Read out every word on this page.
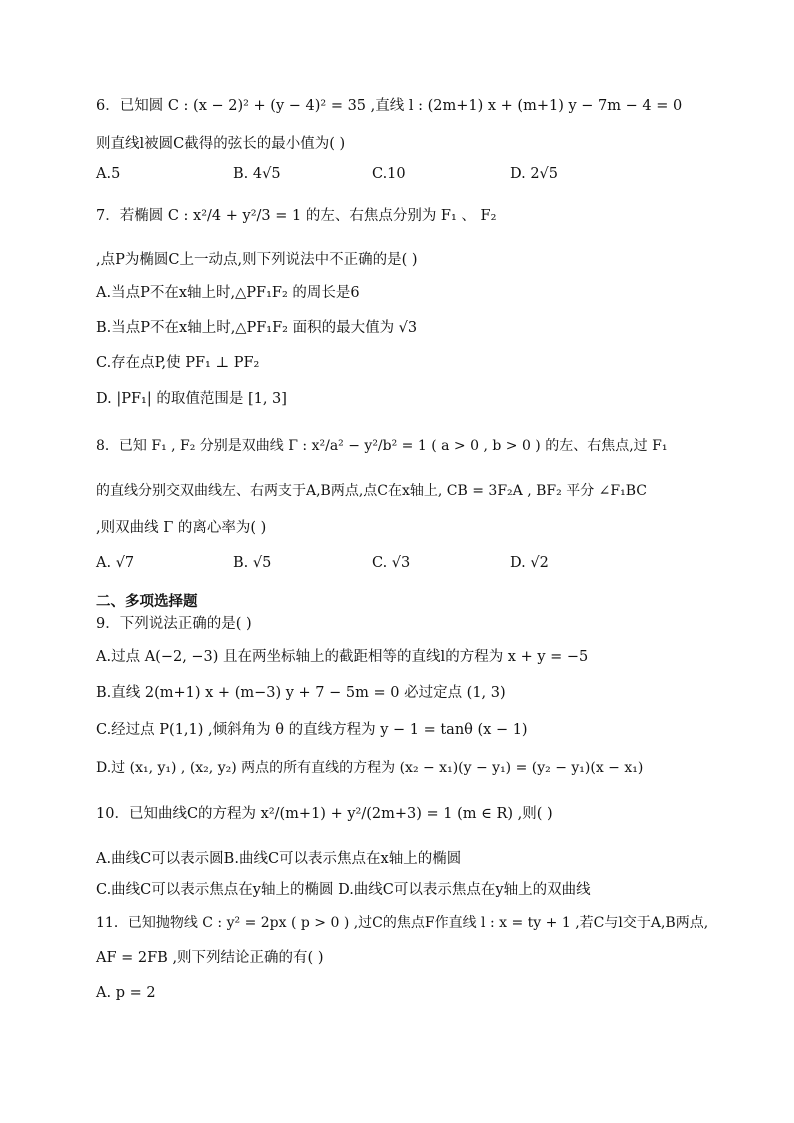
6．已知圆 C : (x − 2)² + (y − 4)² = 35 ,直线 l : (2m+1) x + (m+1) y − 7m − 4 = 0
则直线l被圆C截得的弦长的最小值为( )
A.5	B. 4√5	C.10	D. 2√5
7．若椭圆 C : x²/4 + y²/3 = 1 的左、右焦点分别为 F₁ 、 F₂
,点P为椭圆C上一动点,则下列说法中不正确的是( )
A.当点P不在x轴上时,△PF₁F₂ 的周长是6
B.当点P不在x轴上时,△PF₁F₂ 面积的最大值为 √3
C.存在点P,使 PF₁ ⊥ PF₂
D. |PF₁| 的取值范围是 [1, 3]
8．已知 F₁ , F₂ 分别是双曲线 Γ : x²/a² − y²/b² = 1 ( a > 0 , b > 0 ) 的左、右焦点,过 F₁
的直线分别交双曲线左、右两支于A,B两点,点C在x轴上, CB = 3F₂A , BF₂ 平分 ∠F₁BC
,则双曲线 Γ 的离心率为( )
A. √7	B. √5	C. √3	D. √2
二、多项选择题
9．下列说法正确的是( )
A.过点 A(−2, −3) 且在两坐标轴上的截距相等的直线l的方程为 x + y = −5
B.直线 2(m+1) x + (m−3) y + 7 − 5m = 0 必过定点 (1, 3)
C.经过点 P(1,1) ,倾斜角为 θ 的直线方程为 y − 1 = tanθ (x − 1)
D.过 (x₁, y₁) , (x₂, y₂) 两点的所有直线的方程为 (x₂ − x₁)(y − y₁) = (y₂ − y₁)(x − x₁)
10．已知曲线C的方程为 x²/(m+1) + y²/(2m+3) = 1 (m ∈ R) ,则( )
A.曲线C可以表示圆B.曲线C可以表示焦点在x轴上的椭圆
C.曲线C可以表示焦点在y轴上的椭圆 D.曲线C可以表示焦点在y轴上的双曲线
11．已知抛物线 C : y² = 2px ( p > 0 ) ,过C的焦点F作直线 l : x = ty + 1 ,若C与l交于A,B两点,
AF = 2FB ,则下列结论正确的有( )
A. p = 2
